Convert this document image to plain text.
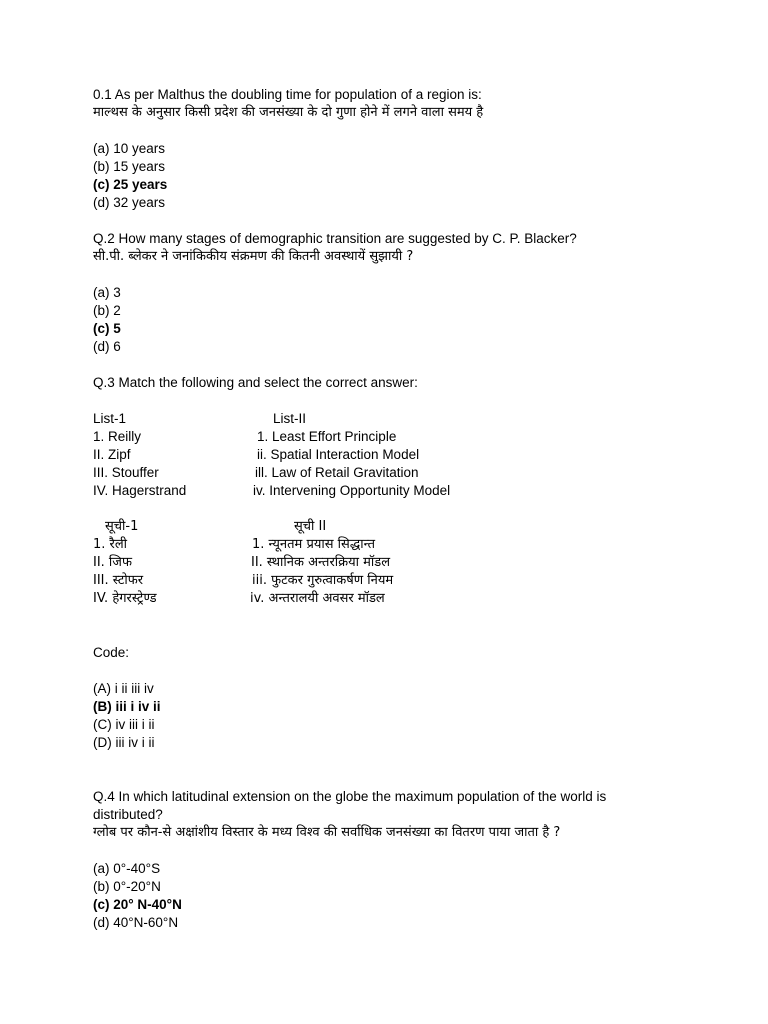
0.1 As per Malthus the doubling time for population of a region is:
माल्थस के अनुसार किसी प्रदेश की जनसंख्या के दो गुणा होने में लगने वाला समय है
(a) 10 years
(b) 15 years
(c) 25 years
(d) 32 years
Q.2 How many stages of demographic transition are suggested by C. P. Blacker?
सी.पी. ब्लेकर ने जनांकिकीय संक्रमण की कितनी अवस्थायें सुझायी ?
(a) 3
(b) 2
(c) 5
(d) 6
Q.3 Match the following and select the correct answer:
List-1	List-II
1. Reilly	1. Least Effort Principle
II. Zipf	ii. Spatial Interaction Model
III. Stouffer	ill. Law of Retail Gravitation
IV. Hagerstrand	iv. Intervening Opportunity Model
सूची-1	सूची II
1. रैली	1. न्यूनतम प्रयास सिद्धान्त
II. जिफ	II. स्थानिक अन्तरक्रिया मॉडल
III. स्टोफर	iii. फुटकर गुरुत्वाकर्षण नियम
IV. हेगरस्ट्रेण्ड	iv. अन्तरालयी अवसर मॉडल
Code:
(A) i ii iii iv
(B) iii i iv ii
(C) iv iii i ii
(D) iii iv i ii
Q.4 In which latitudinal extension on the globe the maximum population of the world is distributed?
ग्लोब पर कौन-से अक्षांशीय विस्तार के मध्य विश्व की सर्वाधिक जनसंख्या का वितरण पाया जाता है ?
(a) 0°-40°S
(b) 0°-20°N
(c) 20° N-40°N
(d) 40°N-60°N
